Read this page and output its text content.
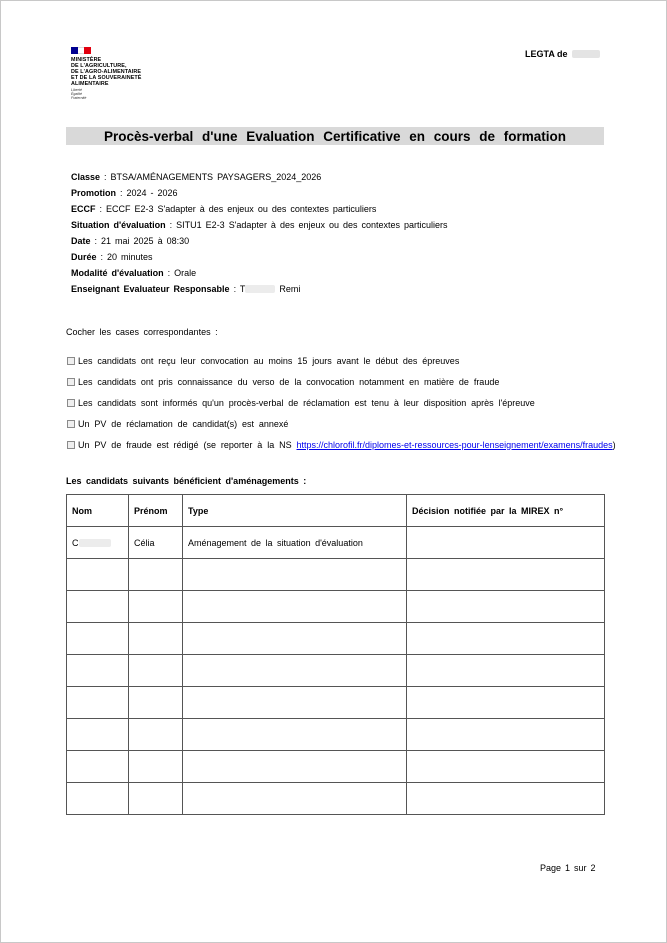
MINISTÈRE
DE L'AGRICULTURE,
DE L'AGRO-ALIMENTAIRE
ET DE LA SOUVERAINETÉ
ALIMENTAIRE
Liberté
Égalité
Fraternité
LEGTA de
Procès-verbal d'une Evaluation Certificative en cours de formation
Classe : BTSA/AMÉNAGEMENTS PAYSAGERS_2024_2026
Promotion : 2024 - 2026
ECCF : ECCF E2-3 S'adapter à des enjeux ou des contextes particuliers
Situation d'évaluation : SITU1 E2-3 S'adapter à des enjeux ou des contextes particuliers
Date : 21 mai 2025 à 08:30
Durée : 20 minutes
Modalité d'évaluation : Orale
Enseignant Evaluateur Responsable : T	Remi
Cocher les cases correspondantes :
Les candidats ont reçu leur convocation au moins 15 jours avant le début des épreuves
Les candidats ont pris connaissance du verso de la convocation notamment en matière de fraude
Les candidats sont informés qu'un procès-verbal de réclamation est tenu à leur disposition après l'épreuve
Un PV de réclamation de candidat(s) est annexé
Un PV de fraude est rédigé (se reporter à la NS
https://chlorofil.fr/diplomes-et-ressources-pour-lenseignement/examens/fraudes )
Les candidats suivants bénéficient d'aménagements :
Nom	Prénom	Type	Décision notifiée par la MIREX n°
C	Célia	Aménagement de la situation d'évaluation	

Page 1 sur 2
